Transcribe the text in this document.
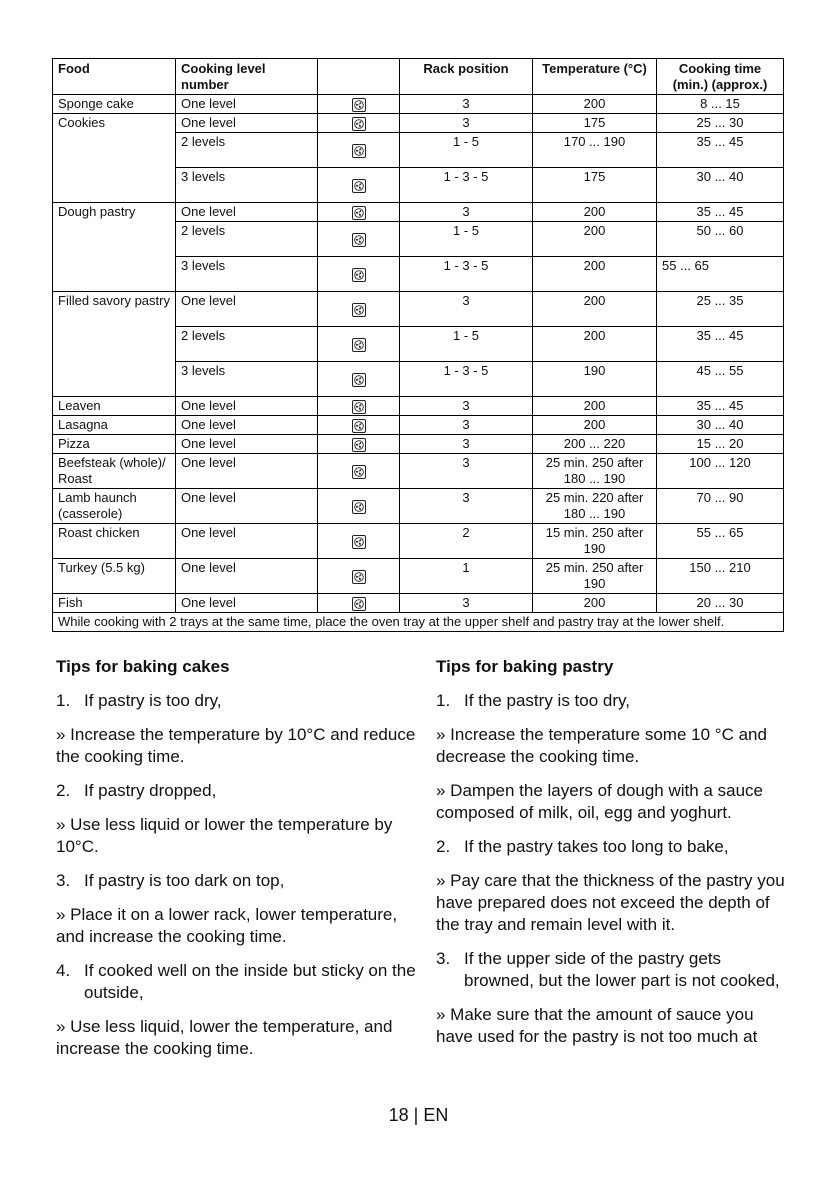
Food	Cooking level number		Rack position	Temperature (°C)	Cooking time (min.) (approx.)
Sponge cake	One level		3	200	8 ... 15
Cookies	One level		3	175	25 ... 30
	2 levels		1 - 5	170 ... 190	35 ... 45
	3 levels		1 - 3 - 5	175	30 ... 40
Dough pastry	One level		3	200	35 ... 45
	2 levels		1 - 5	200	50 ... 60
	3 levels		1 - 3 - 5	200	55 ... 65
Filled savory pastry	One level		3	200	25 ... 35
	2 levels		1 - 5	200	35 ... 45
	3 levels		1 - 3 - 5	190	45 ... 55
Leaven	One level		3	200	35 ... 45
Lasagna	One level		3	200	30 ... 40
Pizza	One level		3	200 ... 220	15 ... 20
Beefsteak (whole)/ Roast	One level		3	25 min. 250 after 180 ... 190	100 ... 120
Lamb haunch (casserole)	One level		3	25 min. 220 after 180 ... 190	70 ... 90
Roast chicken	One level		2	15 min. 250 after 190	55 ... 65
Turkey (5.5 kg)	One level		1	25 min. 250 after 190	150 ... 210
Fish	One level		3	200	20 ... 30
While cooking with 2 trays at the same time, place the oven tray at the upper shelf and pastry tray at the lower shelf.					
Tips for baking cakes

1. If pastry is too dry,

» Increase the temperature by 10°C and reduce the cooking time.

2. If pastry dropped,

» Use less liquid or lower the temperature by 10°C.

3. If pastry is too dark on top,

» Place it on a lower rack, lower temperature, and increase the cooking time.

4. If cooked well on the inside but sticky on the outside,

» Use less liquid, lower the temperature, and increase the cooking time.

Tips for baking pastry

1. If the pastry is too dry,

» Increase the temperature some 10 °C and decrease the cooking time.

» Dampen the layers of dough with a sauce composed of milk, oil, egg and yoghurt.

2. If the pastry takes too long to bake,

» Pay care that the thickness of the pastry you have prepared does not exceed the depth of the tray and remain level with it.

3. If the upper side of the pastry gets browned, but the lower part is not cooked,

» Make sure that the amount of sauce you have used for the pastry is not too much at

18 | EN
